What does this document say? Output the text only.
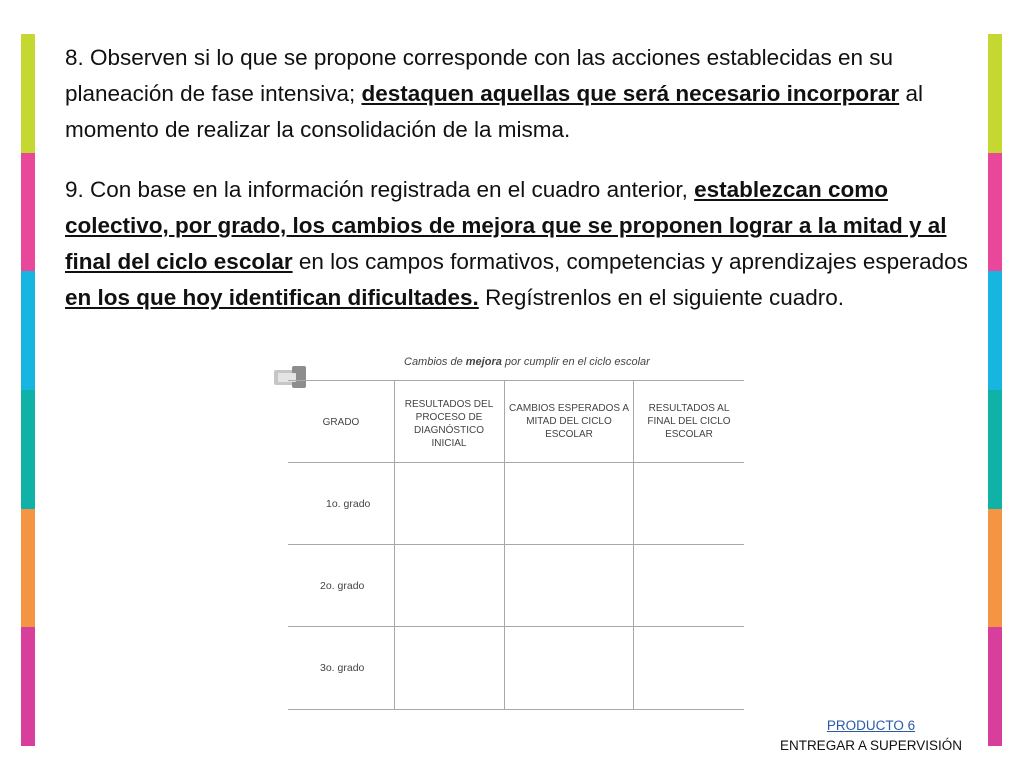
8. Observen si lo que se propone corresponde con las acciones establecidas en su planeación de fase intensiva; destaquen aquellas que será necesario incorporar al momento de realizar la consolidación de la misma.

9. Con base en la información registrada en el cuadro anterior, establezcan como colectivo, por grado, los cambios de mejora que se proponen lograr a la mitad y al final del ciclo escolar en los campos formativos, competencias y aprendizajes esperados en los que hoy identifican dificultades. Regístrenlos en el siguiente cuadro.

Cambios de mejora por cumplir en el ciclo escolar
GRADO
RESULTADOS DEL PROCESO DE DIAGNÓSTICO INICIAL
CAMBIOS ESPERADOS A MITAD DEL CICLO ESCOLAR
RESULTADOS AL FINAL DEL CICLO ESCOLAR
1o. grado
2o. grado
3o. grado
PRODUCTO 6
ENTREGAR A SUPERVISIÓN
